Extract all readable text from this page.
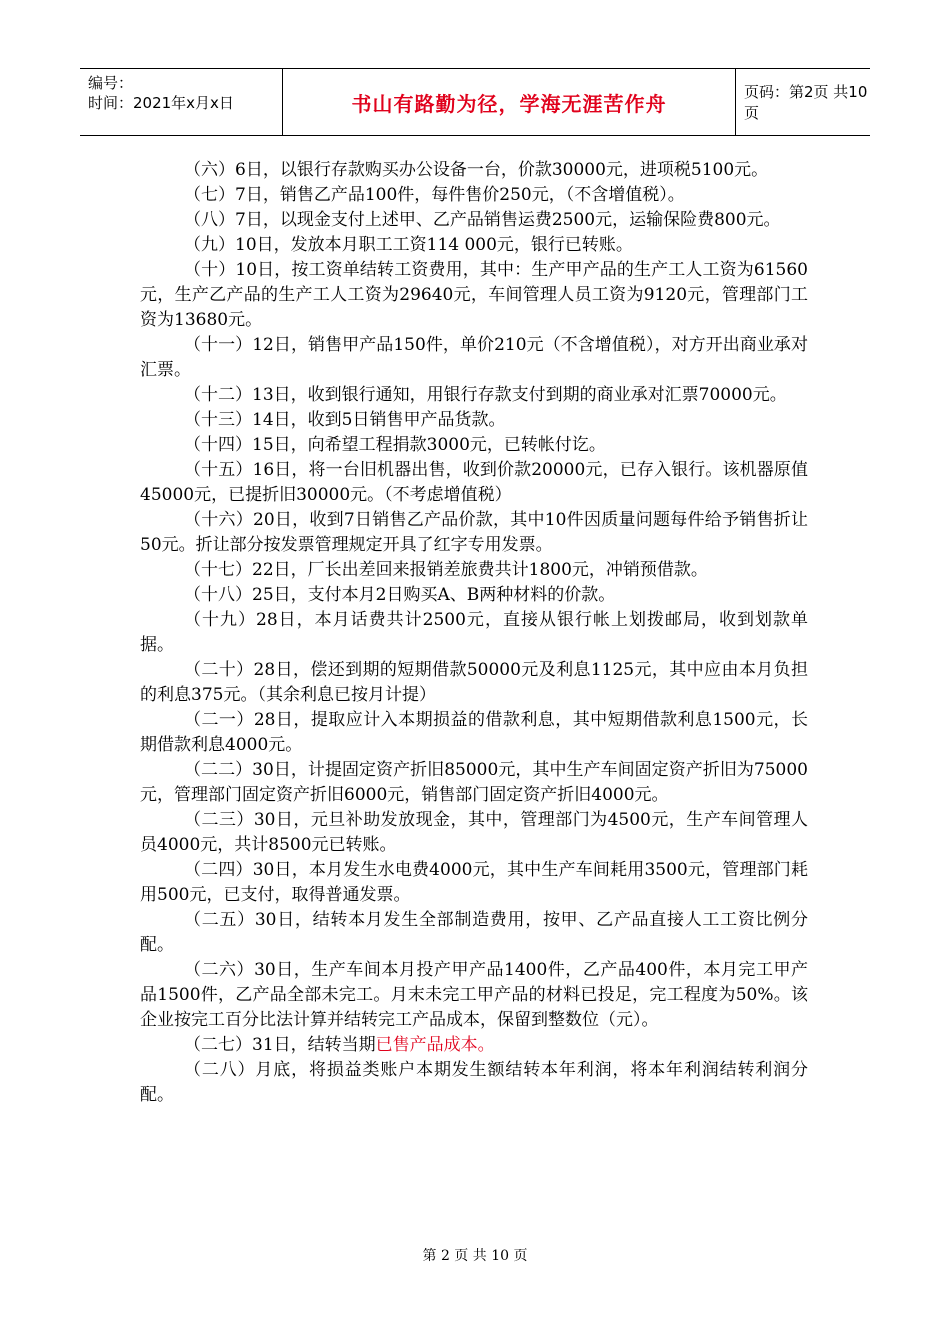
编号：
时间：2021年x月x日	书山有路勤为径，学海无涯苦作舟	页码：第2页 共10页

（六）6日，以银行存款购买办公设备一台，价款30000元，进项税5100元。

（七）7日，销售乙产品100件，每件售价250元，（不含增值税）。

（八）7日，以现金支付上述甲、乙产品销售运费2500元，运输保险费800元。

（九）10日，发放本月职工工资114 000元，银行已转账。

（十）10日，按工资单结转工资费用，其中：生产甲产品的生产工人工资为61560元，生产乙产品的生产工人工资为29640元，车间管理人员工资为9120元，管理部门工资为13680元。

（十一）12日，销售甲产品150件，单价210元（不含增值税），对方开出商业承对汇票。

（十二）13日，收到银行通知，用银行存款支付到期的商业承对汇票70000元。

（十三）14日，收到5日销售甲产品货款。

（十四）15日，向希望工程捐款3000元，已转帐付讫。

（十五）16日，将一台旧机器出售，收到价款20000元，已存入银行。该机器原值45000元，已提折旧30000元。（不考虑增值税）

（十六）20日，收到7日销售乙产品价款，其中10件因质量问题每件给予销售折让50元。折让部分按发票管理规定开具了红字专用发票。

（十七）22日，厂长出差回来报销差旅费共计1800元，冲销预借款。

（十八）25日，支付本月2日购买A、B两种材料的价款。

（十九）28日，本月话费共计2500元，直接从银行帐上划拨邮局，收到划款单据。

（二十）28日，偿还到期的短期借款50000元及利息1125元，其中应由本月负担的利息375元。（其余利息已按月计提）

（二一）28日，提取应计入本期损益的借款利息，其中短期借款利息1500元，长期借款利息4000元。

（二二）30日，计提固定资产折旧85000元，其中生产车间固定资产折旧为75000元，管理部门固定资产折旧6000元，销售部门固定资产折旧4000元。

（二三）30日，元旦补助发放现金，其中，管理部门为4500元，生产车间管理人员4000元，共计8500元已转账。

（二四）30日，本月发生水电费4000元，其中生产车间耗用3500元，管理部门耗用500元，已支付，取得普通发票。

（二五）30日，结转本月发生全部制造费用，按甲、乙产品直接人工工资比例分配。

（二六）30日，生产车间本月投产甲产品1400件，乙产品400件，本月完工甲产品1500件，乙产品全部未完工。月末未完工甲产品的材料已投足，完工程度为50%。该企业按完工百分比法计算并结转完工产品成本，保留到整数位（元）。

（二七）31日，结转当期已售产品成本。

（二八）月底，将损益类账户本期发生额结转本年利润，将本年利润结转利润分配。

第 2 页 共 10 页
